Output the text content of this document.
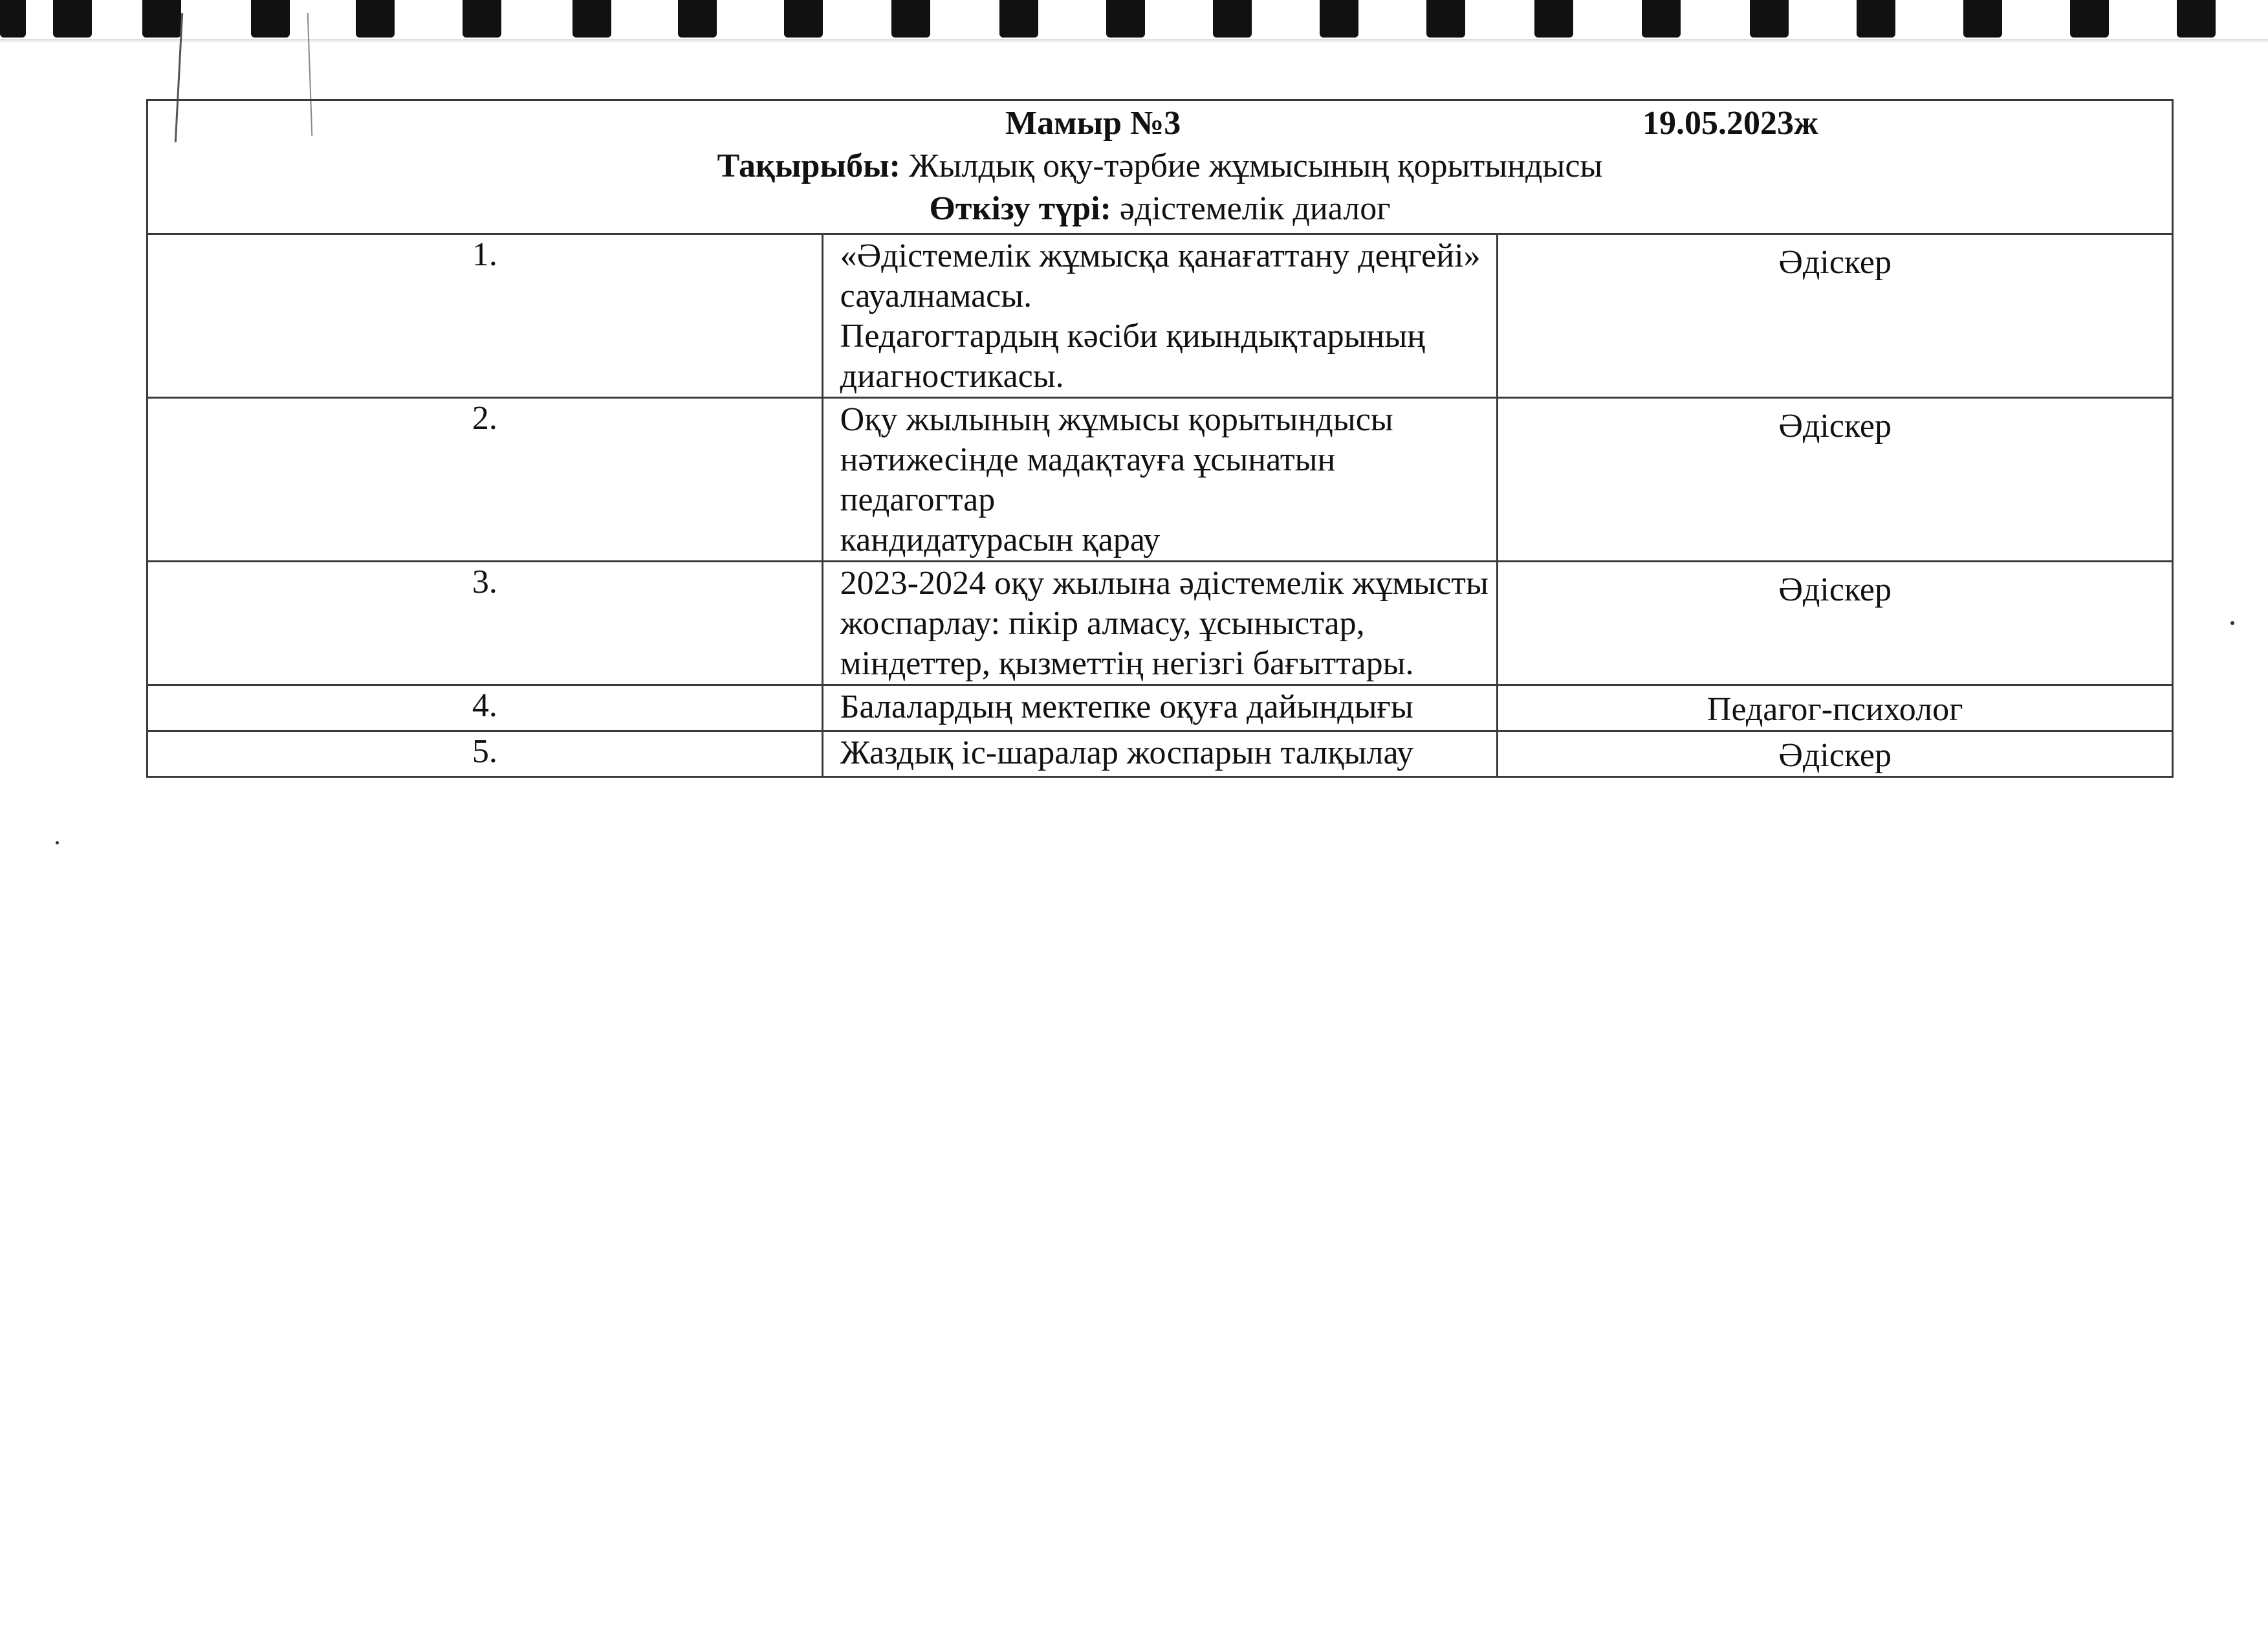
Мамыр №3 19.05.2023ж
Тақырыбы: Жылдық оқу-тәрбие жұмысының қорытындысы
Өткізу түрі: әдістемелік диалог		

1.	«Әдістемелік жұмысқа қанағаттану деңгейі» сауалнамасы.
Педагогтардың кәсіби қиындықтарының диагностикасы.	Әдіскер

2.	Оқу жылының жұмысы қорытындысы нәтижесінде мадақтауға ұсынатын педагогтар
кандидатурасын қарау	Әдіскер

3.	2023-2024 оқу жылына әдістемелік жұмысты жоспарлау: пікір алмасу, ұсыныстар,
міндеттер, қызметтің негізгі бағыттары.	Әдіскер

4.	Балалардың мектепке оқуға дайындығы	Педагог-психолог

5.	Жаздық іс-шаралар жоспарын талқылау	Әдіскер
